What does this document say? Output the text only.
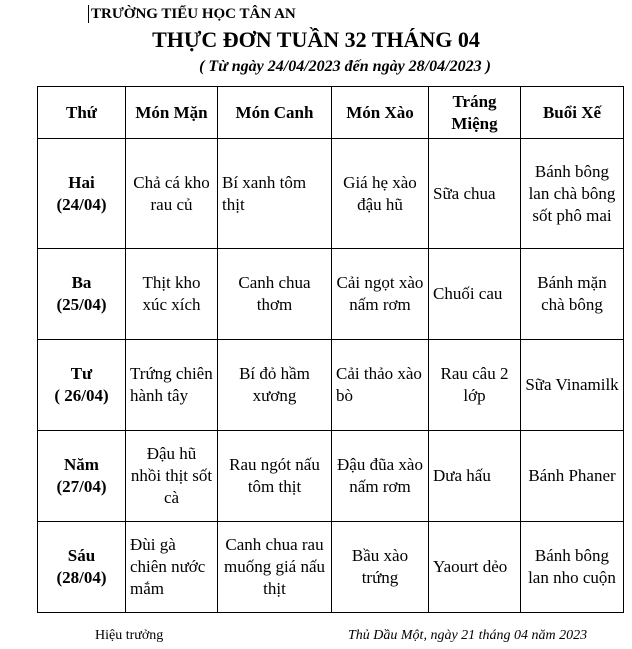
TRƯỜNG TIỂU HỌC TÂN AN
THỰC ĐƠN TUẦN 32 THÁNG 04
( Từ ngày 24/04/2023 đến ngày 28/04/2023 )
Thứ	Món Mặn	Món Canh	Món Xào	Tráng Miệng	Buổi Xế
Hai
(24/04)	Chả cá kho rau củ	Bí xanh tôm thịt	Giá hẹ xào đậu hũ	Sữa chua	Bánh bông lan chà bông sốt phô mai
Ba
(25/04)	Thịt kho xúc xích	Canh chua thơm	Cải ngọt xào nấm rơm	Chuối cau	Bánh mặn chà bông
Tư
( 26/04)	Trứng chiên hành tây	Bí đỏ hầm xương	Cải thảo xào bò	Rau câu 2 lớp	Sữa Vinamilk
Năm
(27/04)	Đậu hũ nhồi thịt sốt cà	Rau ngót nấu tôm thịt	Đậu đũa xào nấm rơm	Dưa hấu	Bánh Phaner
Sáu
(28/04)	Đùi gà chiên nước mắm	Canh chua rau muống giá nấu thịt	Bầu xào trứng	Yaourt dẻo	Bánh bông lan nho cuộn
Hiệu trưởng	Thủ Dầu Một, ngày 21 tháng 04 năm 2023
